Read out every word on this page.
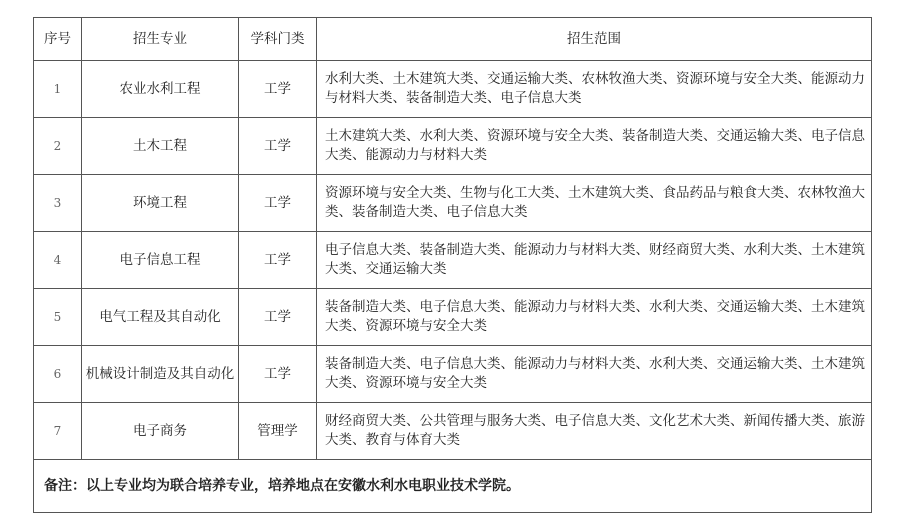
序号	招生专业	学科门类	招生范围
1	农业水利工程	工学	水利大类、土木建筑大类、交通运输大类、农林牧渔大类、资源环境与安全大类、能源动力与材料大类、装备制造大类、电子信息大类
2	土木工程	工学	土木建筑大类、水利大类、资源环境与安全大类、装备制造大类、交通运输大类、电子信息大类、能源动力与材料大类
3	环境工程	工学	资源环境与安全大类、生物与化工大类、土木建筑大类、食品药品与粮食大类、农林牧渔大类、装备制造大类、电子信息大类
4	电子信息工程	工学	电子信息大类、装备制造大类、能源动力与材料大类、财经商贸大类、水利大类、土木建筑大类、交通运输大类
5	电气工程及其自动化	工学	装备制造大类、电子信息大类、能源动力与材料大类、水利大类、交通运输大类、土木建筑大类、资源环境与安全大类
6	机械设计制造及其自动化	工学	装备制造大类、电子信息大类、能源动力与材料大类、水利大类、交通运输大类、土木建筑大类、资源环境与安全大类
7	电子商务	管理学	财经商贸大类、公共管理与服务大类、电子信息大类、文化艺术大类、新闻传播大类、旅游大类、教育与体育大类
备注：以上专业均为联合培养专业，培养地点在安徽水利水电职业技术学院。			
